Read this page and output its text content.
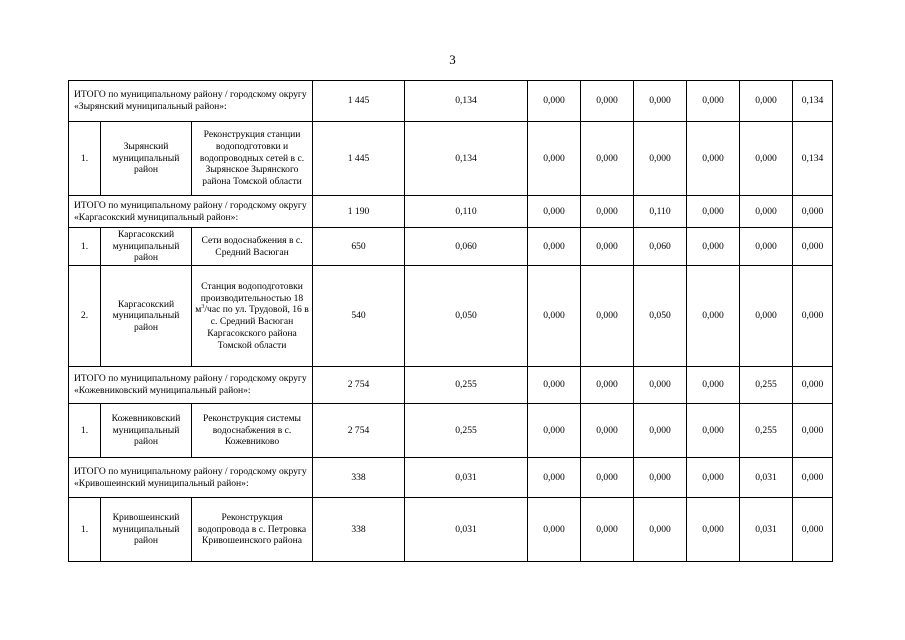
3
ИТОГО по муниципальному району / городскому округу «Зырянский муниципальный район»:			1 445	0,134	0,000	0,000	0,000	0,000	0,000	0,134
1.	Зырянский муниципальный район	Реконструкция станции водоподготовки и водопроводных сетей в с. Зырянское Зырянского района Томской области	1 445	0,134	0,000	0,000	0,000	0,000	0,000	0,134
ИТОГО по муниципальному району / городскому округу «Каргасокский муниципальный район»:			1 190	0,110	0,000	0,000	0,110	0,000	0,000	0,000
1.	Каргасокский муниципальный район	Сети водоснабжения в с. Средний Васюган	650	0,060	0,000	0,000	0,060	0,000	0,000	0,000
2.	Каргасокский муниципальный район	Станция водоподготовки производительностью 18 $м^3$/час по ул. Трудовой, 16 в с. Средний Васюган Каргасокского района Томской области	540	0,050	0,000	0,000	0,050	0,000	0,000	0,000
ИТОГО по муниципальному району / городскому округу «Кожевниковский муниципальный район»:			2 754	0,255	0,000	0,000	0,000	0,000	0,255	0,000
1.	Кожевниковский муниципальный район	Реконструкция системы водоснабжения в с. Кожевниково	2 754	0,255	0,000	0,000	0,000	0,000	0,255	0,000
ИТОГО по муниципальному району / городскому округу «Кривошеинский муниципальный район»:			338	0,031	0,000	0,000	0,000	0,000	0,031	0,000
1.	Кривошеинский муниципальный район	Реконструкция водопровода в с. Петровка Кривошеинского района	338	0,031	0,000	0,000	0,000	0,000	0,031	0,000
